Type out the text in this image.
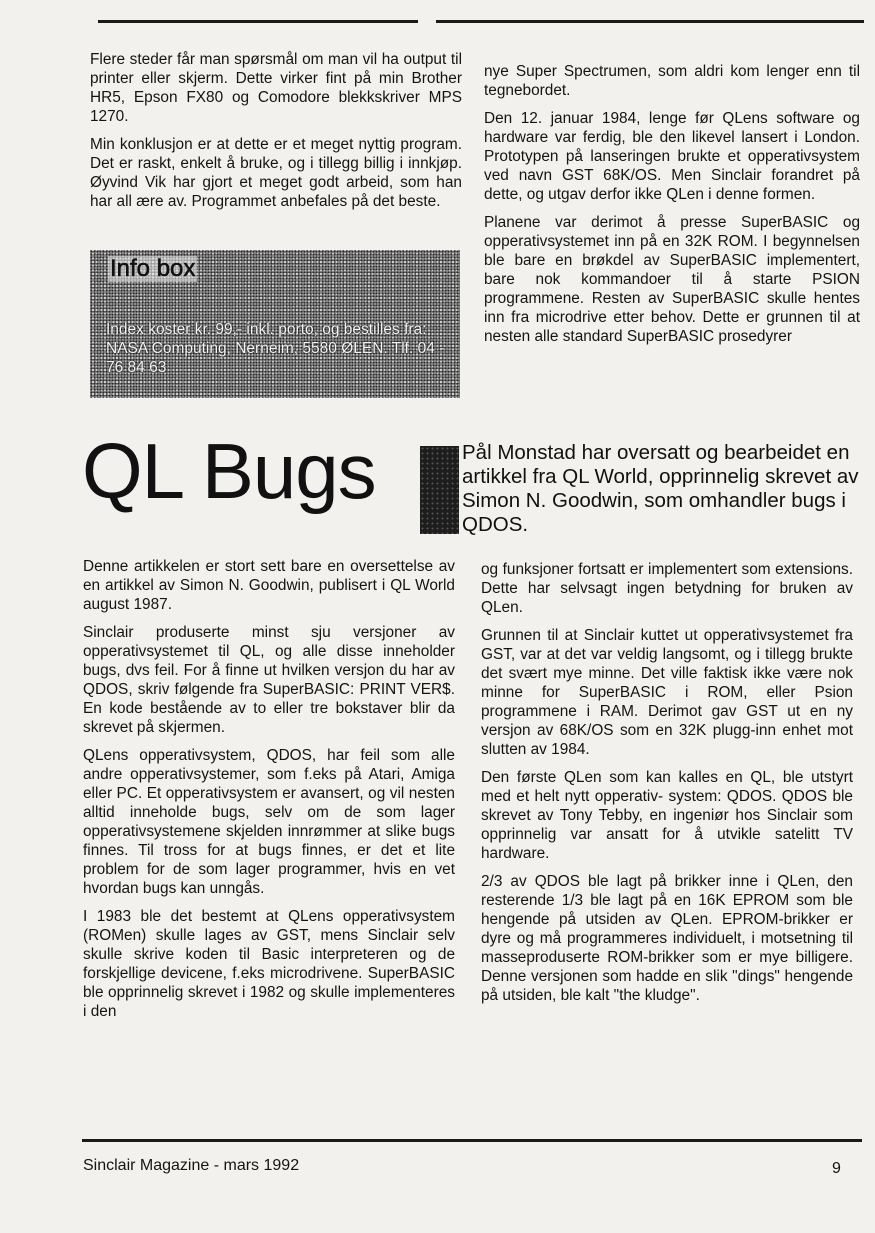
Flere steder får man spørsmål om man vil ha output til printer eller skjerm. Dette virker fint på min Brother HR5, Epson FX80 og Comodore blekkskriver MPS 1270.

Min konklusjon er at dette er et meget nyttig program. Det er raskt, enkelt å bruke, og i tillegg billig i innkjøp. Øyvind Vik har gjort et meget godt arbeid, som han har all ære av. Programmet anbefales på det beste.

Info box
Index koster kr. 99,- inkl. porto, og bestilles fra: NASA Computing, Nerneim, 5580 ØLEN. Tlf. 04 - 76 84 63

nye Super Spectrumen, som aldri kom lenger enn til tegnebordet.

Den 12. januar 1984, lenge før QLens software og hardware var ferdig, ble den likevel lansert i London. Prototypen på lanseringen brukte et opperativsystem ved navn GST 68K/OS. Men Sinclair forandret på dette, og utgav derfor ikke QLen i denne formen.

Planene var derimot å presse SuperBASIC og opperativsystemet inn på en 32K ROM. I begynnelsen ble bare en brøkdel av SuperBASIC implementert, bare nok kommandoer til å starte PSION programmene. Resten av SuperBASIC skulle hentes inn fra microdrive etter behov. Dette er grunnen til at nesten alle standard SuperBASIC prosedyrer

QL Bugs	Pål Monstad har oversatt og bearbeidet en artikkel fra QL World, opprinnelig skrevet av Simon N. Goodwin, som omhandler bugs i QDOS.

Denne artikkelen er stort sett bare en oversettelse av en artikkel av Simon N. Goodwin, publisert i QL World august 1987.

Sinclair produserte minst sju versjoner av opperativsystemet til QL, og alle disse inneholder bugs, dvs feil. For å finne ut hvilken versjon du har av QDOS, skriv følgende fra SuperBASIC: PRINT VER$. En kode bestående av to eller tre bokstaver blir da skrevet på skjermen.

QLens opperativsystem, QDOS, har feil som alle andre opperativsystemer, som f.eks på Atari, Amiga eller PC. Et opperativsystem er avansert, og vil nesten alltid inneholde bugs, selv om de som lager opperativsystemene skjelden innrømmer at slike bugs finnes. Til tross for at bugs finnes, er det et lite problem for de som lager programmer, hvis en vet hvordan bugs kan unngås.

I 1983 ble det bestemt at QLens opperativsystem (ROMen) skulle lages av GST, mens Sinclair selv skulle skrive koden til Basic interpreteren og de forskjellige devicene, f.eks microdrivene. SuperBASIC ble opprinnelig skrevet i 1982 og skulle implementeres i den

og funksjoner fortsatt er implementert som extensions. Dette har selvsagt ingen betydning for bruken av QLen.

Grunnen til at Sinclair kuttet ut opperativsystemet fra GST, var at det var veldig langsomt, og i tillegg brukte det svært mye minne. Det ville faktisk ikke være nok minne for SuperBASIC i ROM, eller Psion programmene i RAM. Derimot gav GST ut en ny versjon av 68K/OS som en 32K plugg-inn enhet mot slutten av 1984.

Den første QLen som kan kalles en QL, ble utstyrt med et helt nytt opperativ- system: QDOS. QDOS ble skrevet av Tony Tebby, en ingeniør hos Sinclair som opprinnelig var ansatt for å utvikle satelitt TV hardware.

2/3 av QDOS ble lagt på brikker inne i QLen, den resterende 1/3 ble lagt på en 16K EPROM som ble hengende på utsiden av QLen. EPROM-brikker er dyre og må programmeres individuelt, i motsetning til masseproduserte ROM-brikker som er mye billigere. Denne versjonen som hadde en slik "dings" hengende på utsiden, ble kalt "the kludge".

Sinclair Magazine - mars 1992	9
